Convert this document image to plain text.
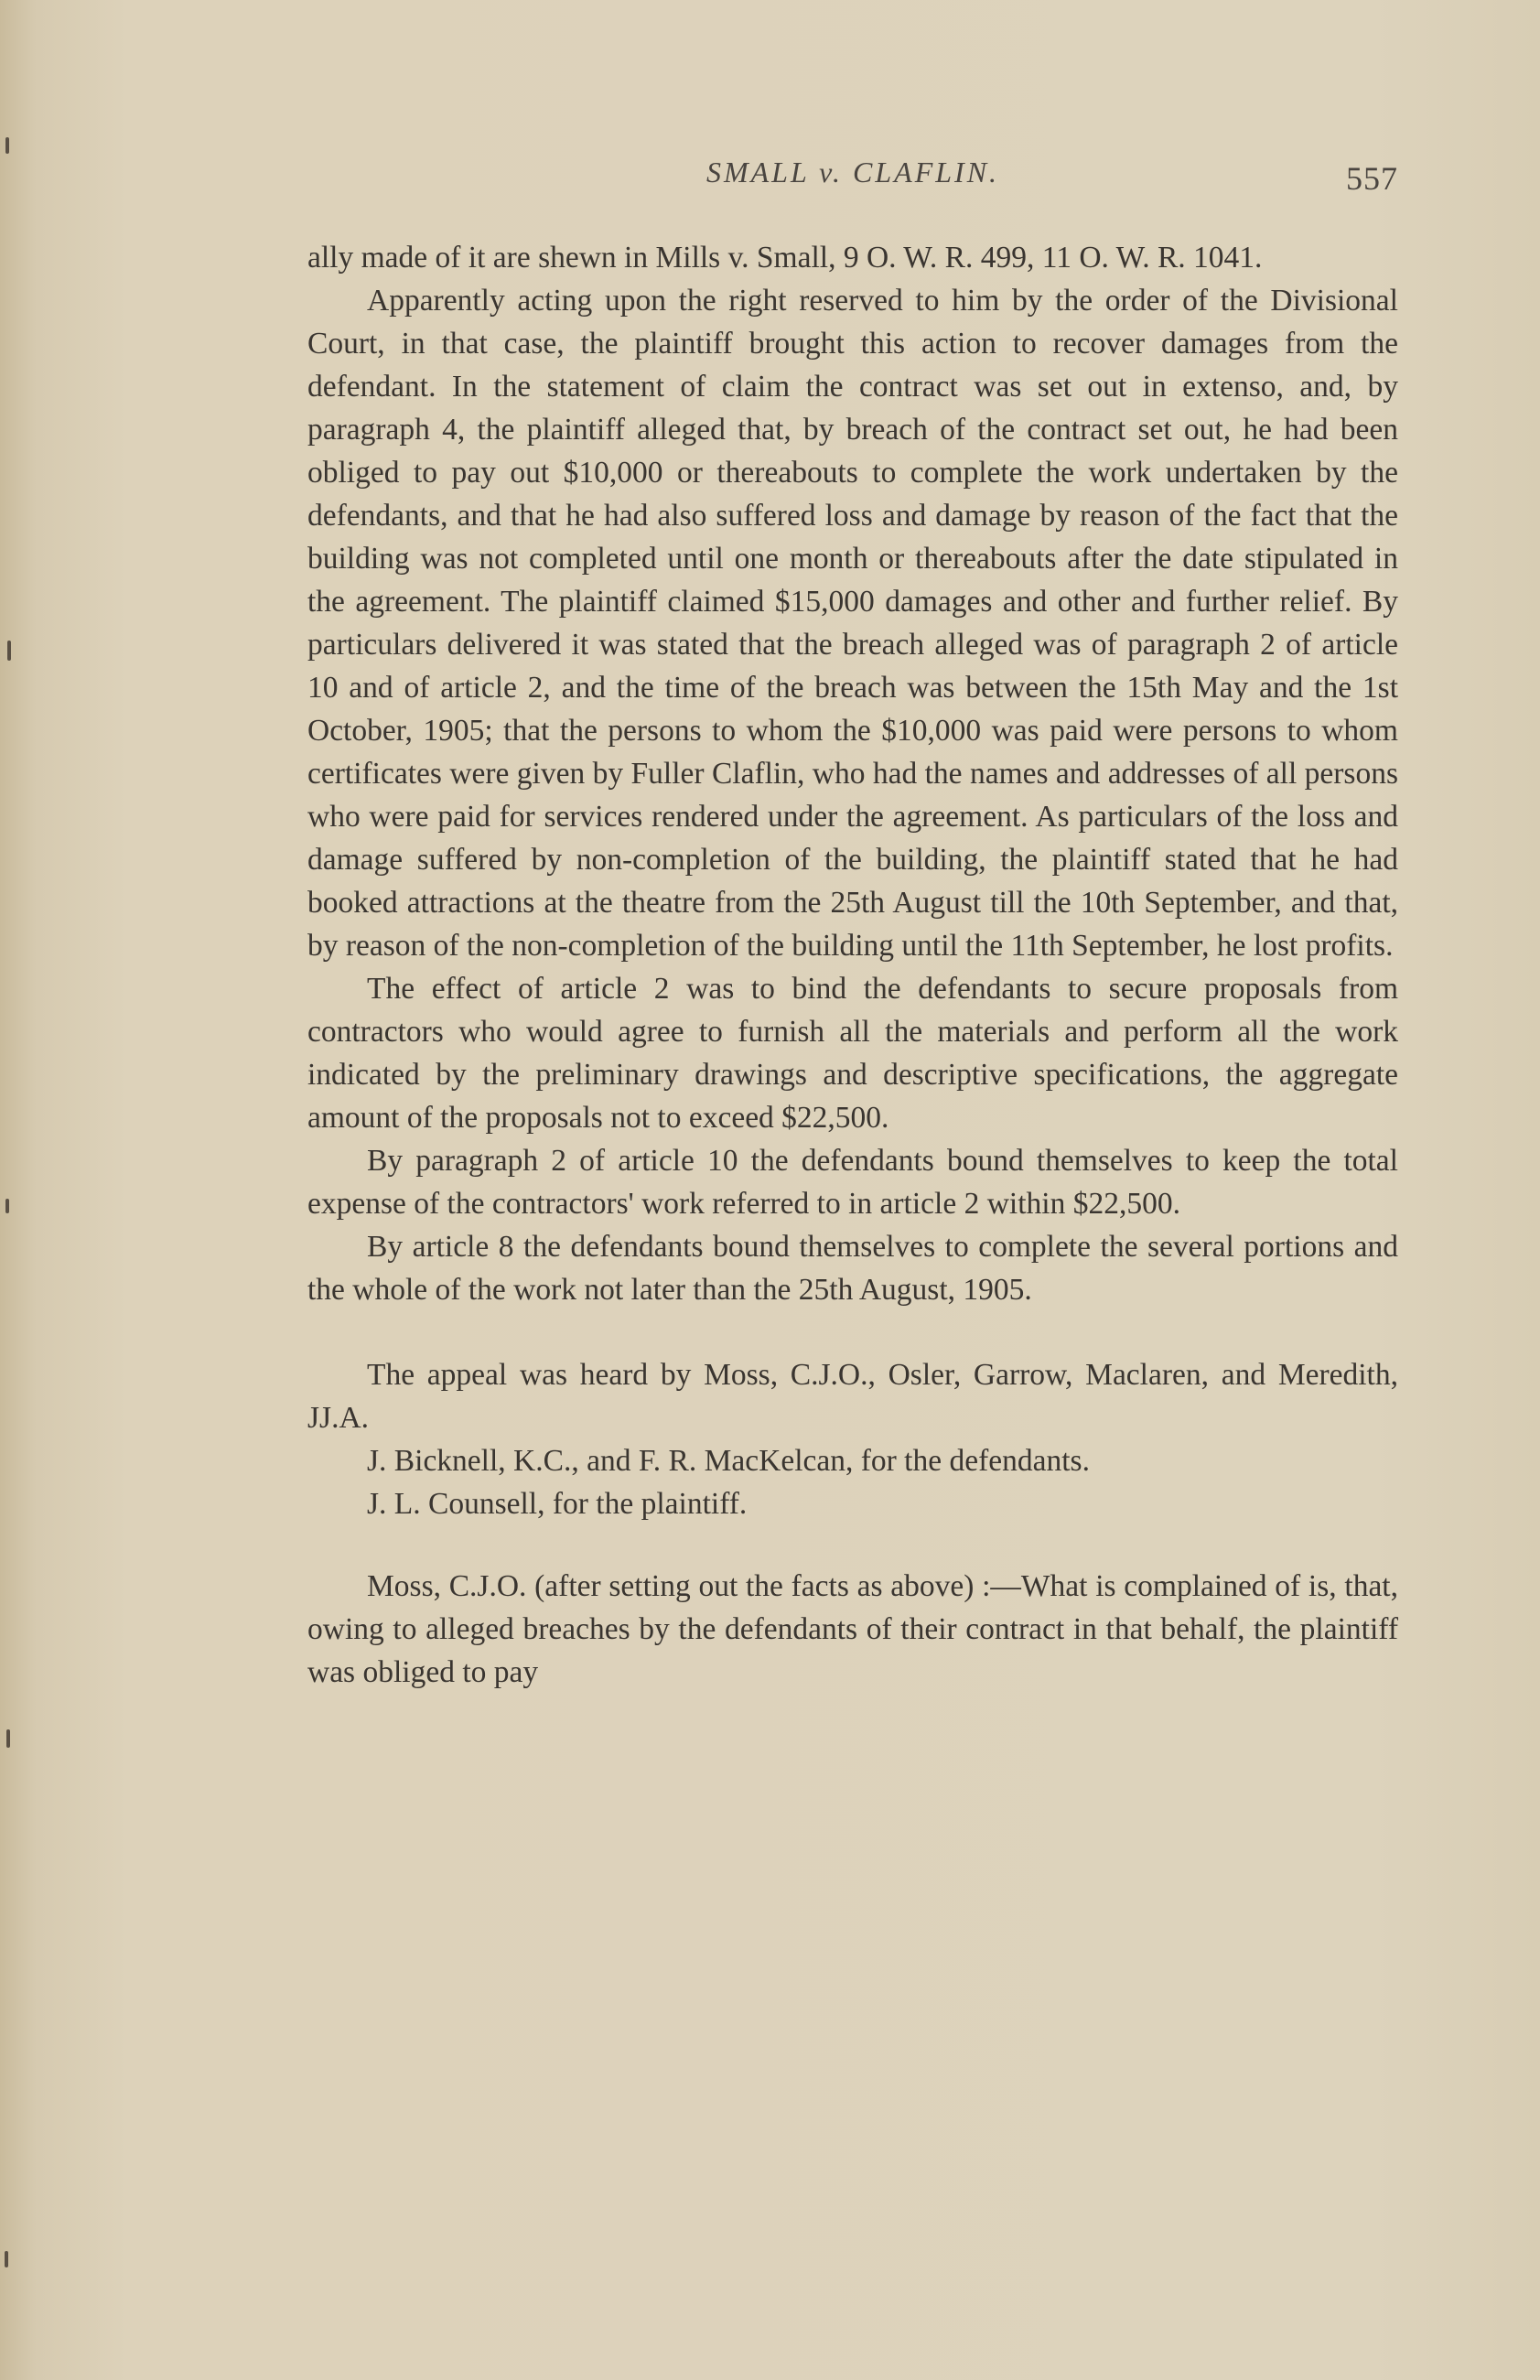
SMALL v. CLAFLIN.	557

ally made of it are shewn in Mills v. Small, 9 O. W. R. 499, 11 O. W. R. 1041.

Apparently acting upon the right reserved to him by the order of the Divisional Court, in that case, the plaintiff brought this action to recover damages from the defendant. In the statement of claim the contract was set out in extenso, and, by paragraph 4, the plaintiff alleged that, by breach of the contract set out, he had been obliged to pay out $10,000 or thereabouts to complete the work undertaken by the defendants, and that he had also suffered loss and damage by reason of the fact that the building was not completed until one month or thereabouts after the date stipulated in the agreement. The plaintiff claimed $15,000 damages and other and further relief. By particulars delivered it was stated that the breach alleged was of paragraph 2 of article 10 and of article 2, and the time of the breach was between the 15th May and the 1st October, 1905; that the persons to whom the $10,000 was paid were persons to whom certificates were given by Fuller Claflin, who had the names and addresses of all persons who were paid for services rendered under the agreement. As particulars of the loss and damage suffered by non-completion of the building, the plaintiff stated that he had booked attractions at the theatre from the 25th August till the 10th September, and that, by reason of the non-completion of the building until the 11th September, he lost profits.

The effect of article 2 was to bind the defendants to secure proposals from contractors who would agree to furnish all the materials and perform all the work indicated by the preliminary drawings and descriptive specifications, the aggregate amount of the proposals not to exceed $22,500.

By paragraph 2 of article 10 the defendants bound themselves to keep the total expense of the contractors' work referred to in article 2 within $22,500.

By article 8 the defendants bound themselves to complete the several portions and the whole of the work not later than the 25th August, 1905.

The appeal was heard by Moss, C.J.O., Osler, Garrow, Maclaren, and Meredith, JJ.A.

J. Bicknell, K.C., and F. R. MacKelcan, for the defendants.

J. L. Counsell, for the plaintiff.

Moss, C.J.O. (after setting out the facts as above) :—What is complained of is, that, owing to alleged breaches by the defendants of their contract in that behalf, the plaintiff was obliged to pay
